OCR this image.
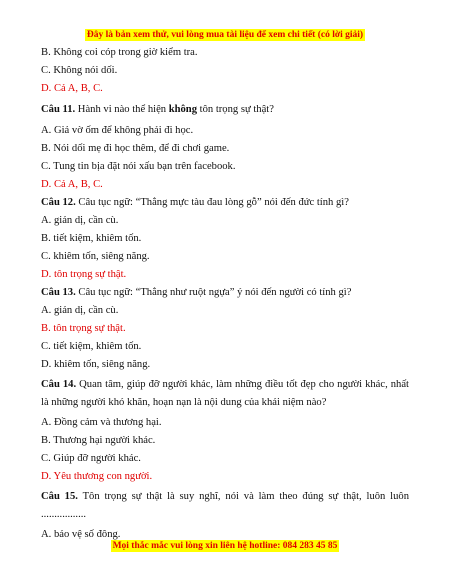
Đây là bản xem thử, vui lòng mua tài liệu để xem chi tiết (có lời giải)
B. Không coi cóp trong giờ kiểm tra.
C. Không nói dối.
D. Cả A, B, C.
Câu 11. Hành vi nào thể hiện không tôn trọng sự thật?
A. Giả vờ ốm để không phải đi học.
B. Nói dối mẹ đi học thêm, để đi chơi game.
C. Tung tin bịa đặt nói xấu bạn trên facebook.
D. Cả A, B, C.
Câu 12. Câu tục ngữ: “Thẳng mực tàu đau lòng gỗ” nói đến đức tính gì?
A. giản dị, cần cù.
B. tiết kiệm, khiêm tốn.
C. khiêm tốn, siêng năng.
D. tôn trọng sự thật.
Câu 13. Câu tục ngữ: “Thẳng như ruột ngựa” ý nói đến người có tính gì?
A. giản dị, cần cù.
B. tôn trọng sự thật.
C. tiết kiệm, khiêm tốn.
D. khiêm tốn, siêng năng.
Câu 14. Quan tâm, giúp đỡ người khác, làm những điều tốt đẹp cho người khác, nhất là những người khó khăn, hoạn nạn là nội dung của khái niệm nào?
A. Đồng cảm và thương hại.
B. Thương hại người khác.
C. Giúp đỡ người khác.
D. Yêu thương con người.
Câu 15. Tôn trọng sự thật là suy nghĩ, nói và làm theo đúng sự thật, luôn luôn .................
A. bảo vệ số đông.
Mọi thắc mắc vui lòng xin liên hệ hotline: 084 283 45 85
